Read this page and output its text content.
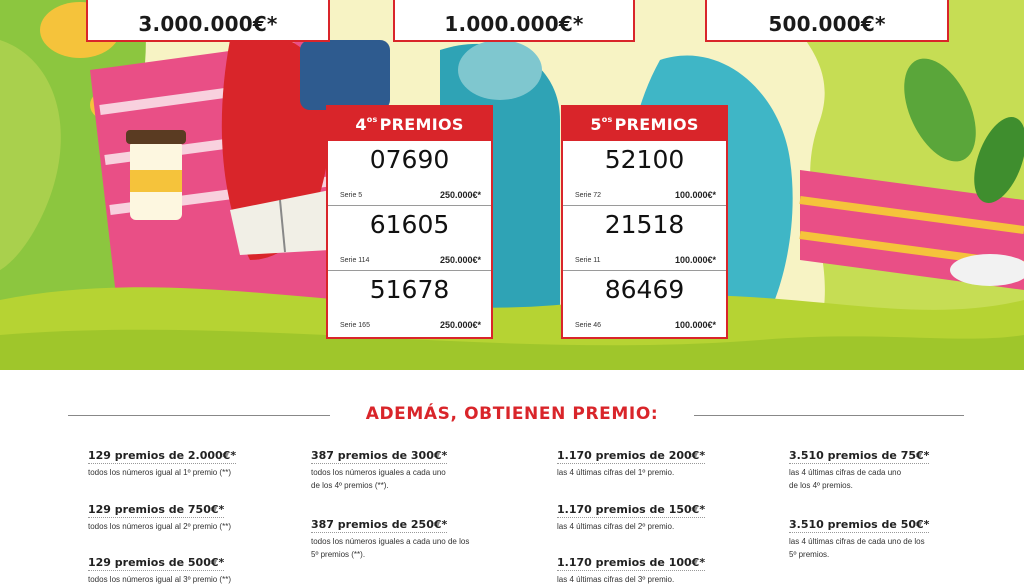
3.000.000€*	1.000.000€*	500.000€*
$4^{os}$ PREMIOS
07690
Serie 5	250.000€*
61605
Serie 114	250.000€*
51678
Serie 165	250.000€*
$5^{os}$ PREMIOS
52100
Serie 72	100.000€*
21518
Serie 11	100.000€*
86469
Serie 46	100.000€*
ADEMÁS, OBTIENEN PREMIO:
129 premios de 2.000€*
todos los números igual al 1º premio (**)
129 premios de 750€*
todos los números igual al 2º premio (**)
129 premios de 500€*
todos los números igual al 3º premio (**)
387 premios de 300€*
todos los números iguales a cada uno
de los 4º premios (**).
387 premios de 250€*
todos los números iguales a cada uno de los
5º premios (**).
1.170 premios de 200€*
las 4 últimas cifras del 1º premio.
1.170 premios de 150€*
las 4 últimas cifras del 2º premio.
1.170 premios de 100€*
las 4 últimas cifras del 3º premio.
3.510 premios de 75€*
las 4 últimas cifras de cada uno
de los 4º premios.
3.510 premios de 50€*
las 4 últimas cifras de cada uno de los
5º premios.
